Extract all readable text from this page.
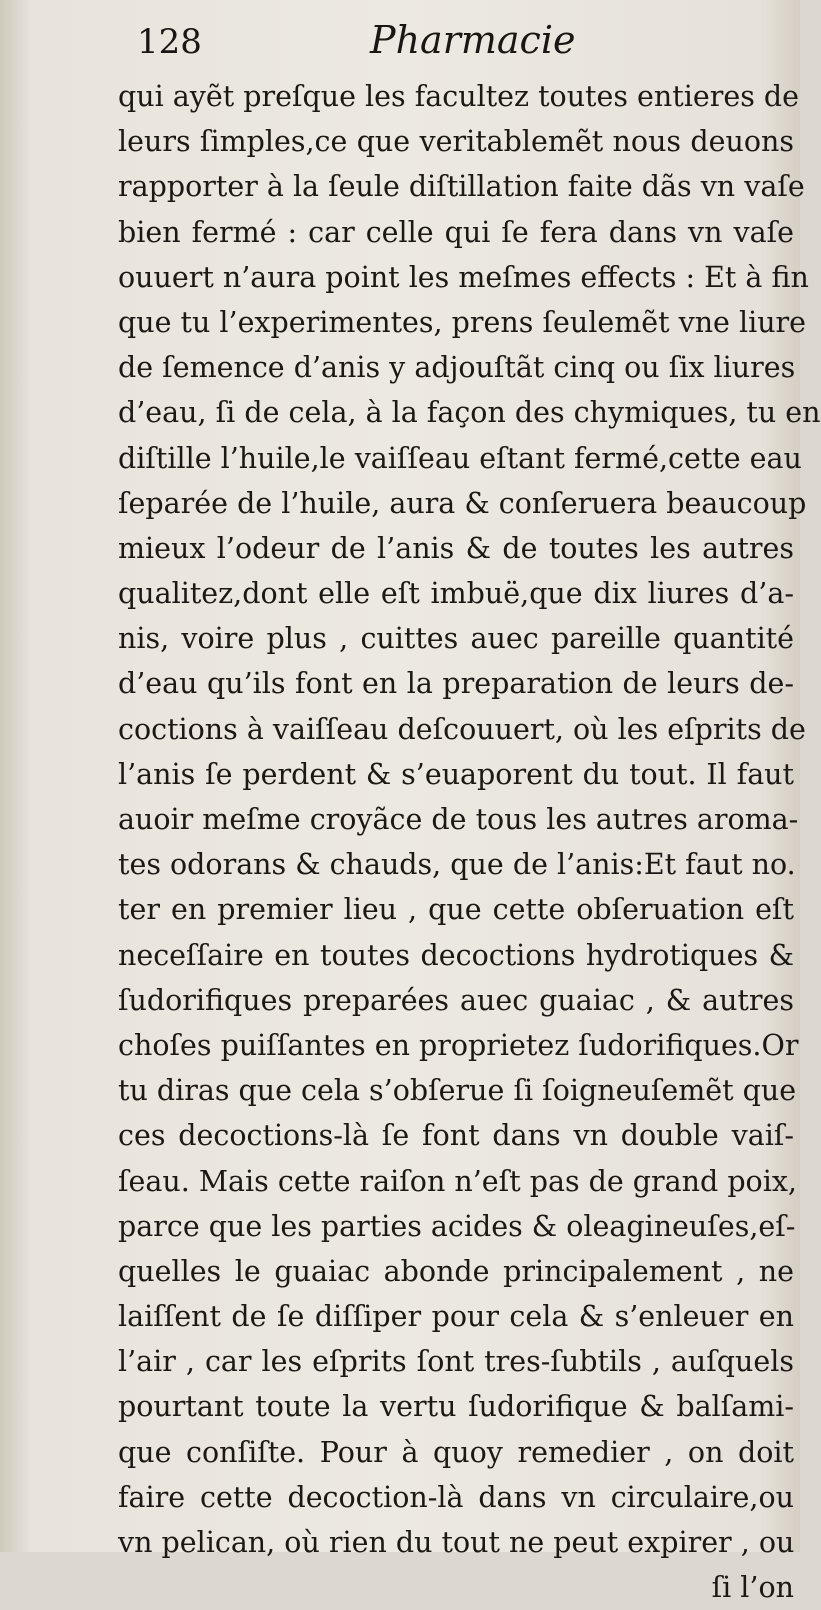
128	Pharmacie
qui ayẽt preſque les facultez toutes entieres de
leurs ſimples,ce que veritablemẽt nous deuons
rapporter à la ſeule diſtillation faite dãs vn vaſe
bien fermé : car celle qui ſe fera dans vn vaſe
ouuert n’aura point les meſmes effects : Et à fin
que tu l’experimentes, prens ſeulemẽt vne liure
de ſemence d’anis y adjouſtãt cinq ou ſix liures
d’eau, ſi de cela, à la façon des chymiques, tu en
diſtille l’huile,le vaiſſeau eſtant fermé,cette eau
ſeparée de l’huile, aura & conſeruera beaucoup
mieux l’odeur de l’anis & de toutes les autres
qualitez,dont elle eſt imbuë,que dix liures d’a-
nis, voire plus , cuittes auec pareille quantité
d’eau qu’ils font en la preparation de leurs de-
coctions à vaiſſeau deſcouuert, où les eſprits de
l’anis ſe perdent & s’euaporent du tout. Il faut
auoir meſme croyãce de tous les autres aroma-
tes odorans & chauds, que de l’anis:Et faut no.
ter en premier lieu , que cette obſeruation eſt
neceſſaire en toutes decoctions hydrotiques &
ſudorifiques preparées auec guaiac , & autres
choſes puiſſantes en proprietez ſudorifiques.Or
tu diras que cela s’obſerue ſi ſoigneuſemẽt que
ces decoctions-là ſe font dans vn double vaiſ-
ſeau. Mais cette raiſon n’eſt pas de grand poix,
parce que les parties acides & oleagineuſes,eſ-
quelles le guaiac abonde principalement , ne
laiſſent de ſe diſſiper pour cela & s’enleuer en
l’air , car les eſprits ſont tres-ſubtils , auſquels
pourtant toute la vertu ſudorifique & balſami-
que conſiſte. Pour à quoy remedier , on doit
faire cette decoction-là dans vn circulaire,ou
vn pelican, où rien du tout ne peut expirer , ou
ſi l’on
